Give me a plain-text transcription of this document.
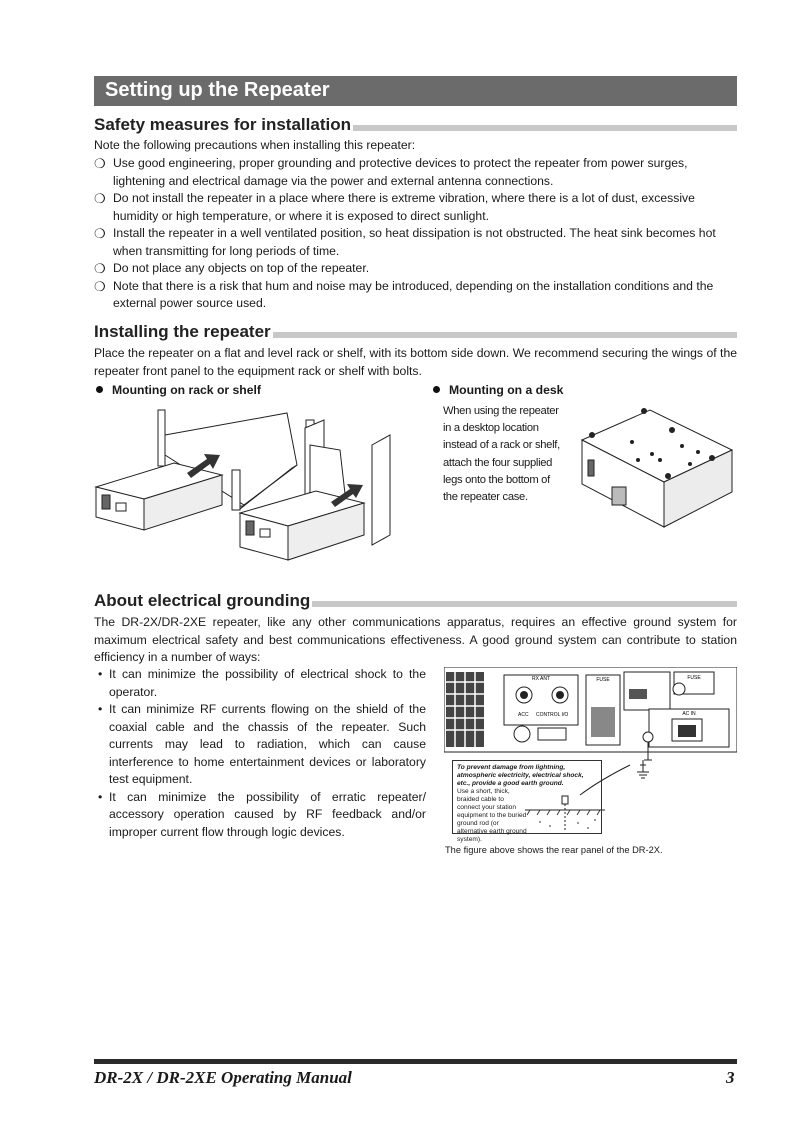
Setting up the Repeater
Safety measures for installation
Note the following precautions when installing this repeater:
❍ Use good engineering, proper grounding and protective devices to protect the repeater from power surges, lightening and electrical damage via the power and external antenna connections.
❍ Do not install the repeater in a place where there is extreme vibration, where there is a lot of dust, excessive humidity or high temperature, or where it is exposed to direct sunlight.
❍ Install the repeater in a well ventilated position, so heat dissipation is not obstructed. The heat sink becomes hot when transmitting for long periods of time.
❍ Do not place any objects on top of the repeater.
❍ Note that there is a risk that hum and noise may be introduced, depending on the installation conditions and the external power source used.
Installing the repeater
Place the repeater on a flat and level rack or shelf, with its bottom side down. We recommend securing the wings of the repeater front panel to the equipment rack or shelf with bolts.
Mounting on rack or shelf	Mounting on a desk
When using the repeater in a desktop location instead of a rack or shelf, attach the four supplied legs onto the bottom of the repeater case.
About electrical grounding
The DR-2X/DR-2XE repeater, like any other communications apparatus, requires an effective ground system for maximum electrical safety and best communications effectiveness. A good ground system can contribute to station efficiency in a number of ways:
• It can minimize the possibility of electrical shock to the operator.
• It can minimize RF currents flowing on the shield of the coaxial cable and the chassis of the repeater. Such currents may lead to radiation, which can cause interference to home entertainment devices or laboratory test equipment.
• It can minimize the possibility of erratic repeater/ accessory operation caused by RF feedback and/or improper current flow through logic devices.
RX ANT
ACC CONTROL I/O
FUSE	FUSE
AC IN
To prevent damage from lightning, atmospheric electricity, electrical shock, etc., provide a good earth ground.
Use a short, thick, braided cable to connect your station equipment to the buried ground rod (or alternative earth ground system).
The figure above shows the rear panel of the DR-2X.
DR-2X / DR-2XE Operating Manual	3
